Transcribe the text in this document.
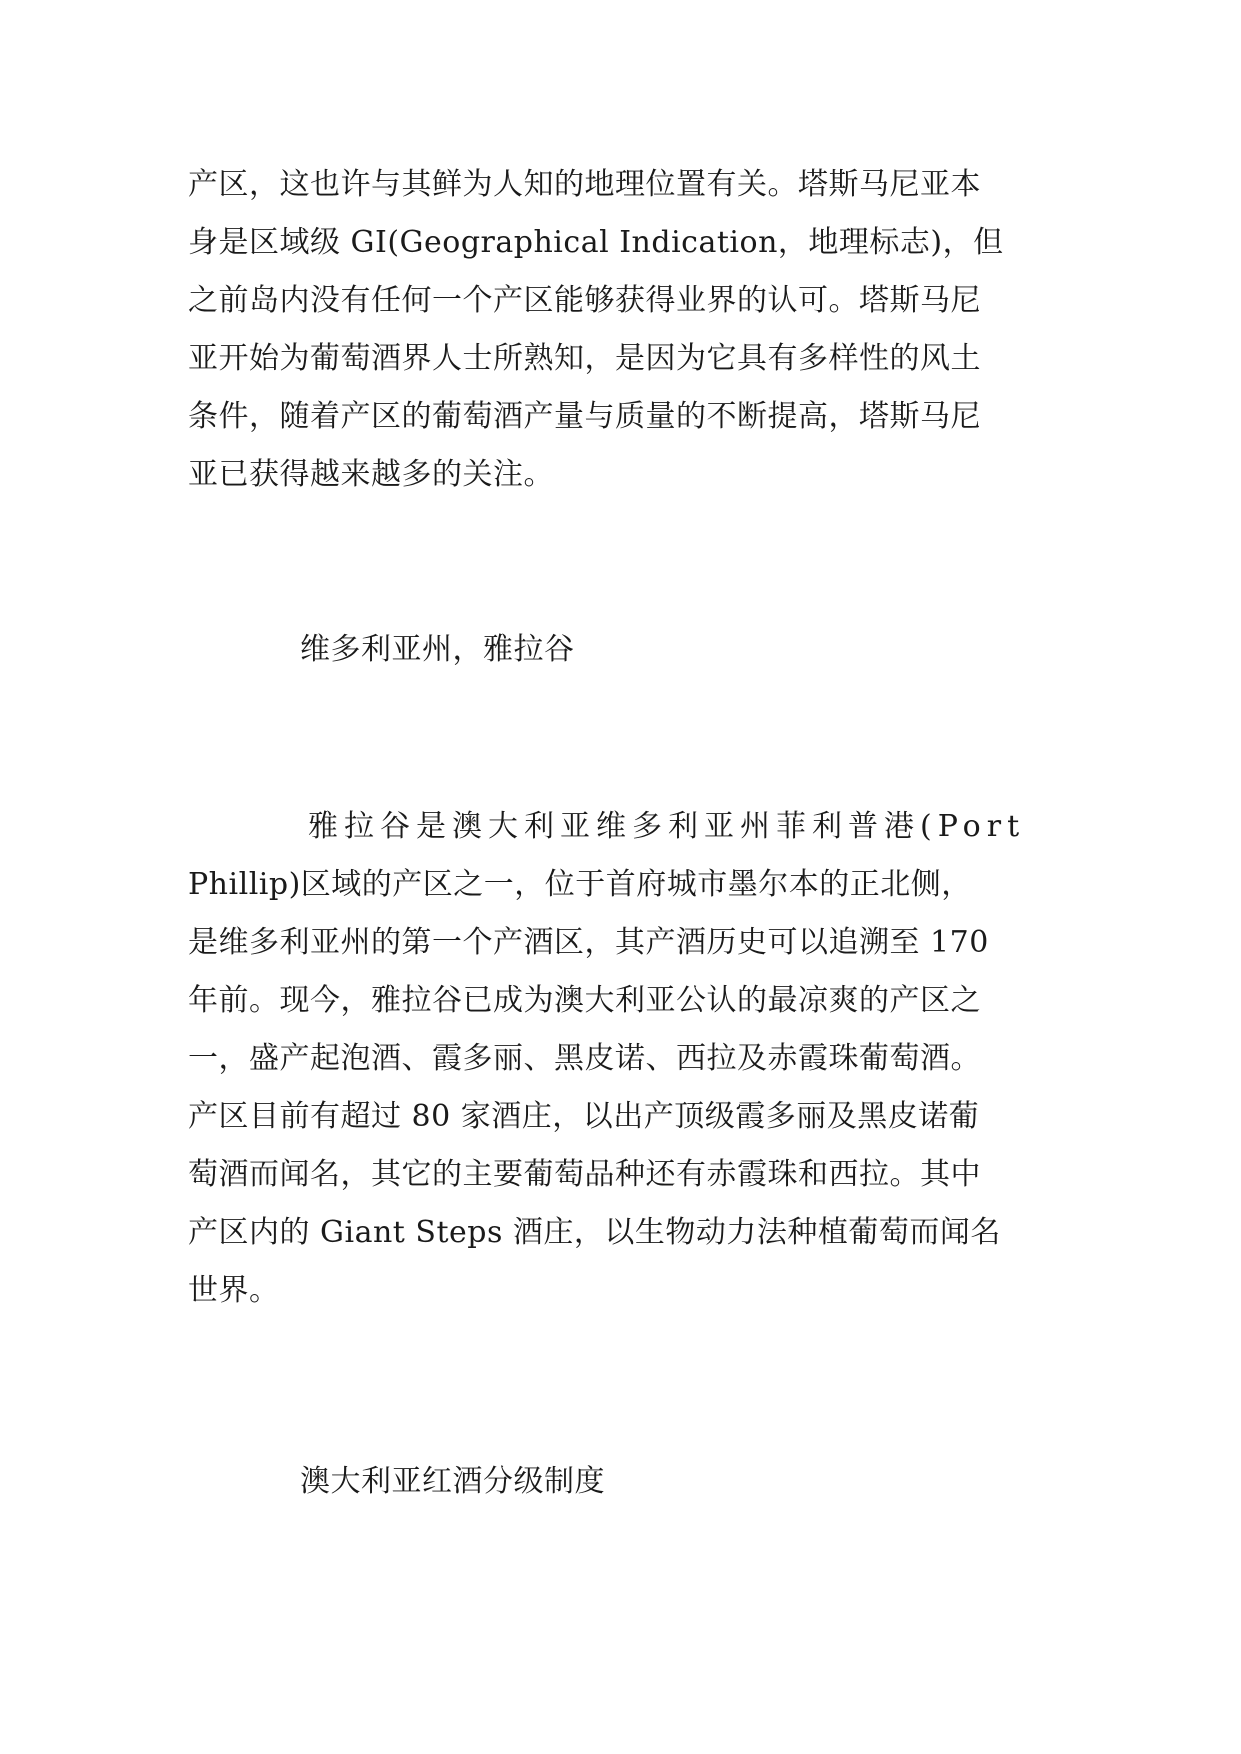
产区，这也许与其鲜为人知的地理位置有关。塔斯马尼亚本
身是区域级 GI(Geographical Indication，地理标志)，但
之前岛内没有任何一个产区能够获得业界的认可。塔斯马尼
亚开始为葡萄酒界人士所熟知，是因为它具有多样性的风土
条件，随着产区的葡萄酒产量与质量的不断提高，塔斯马尼
亚已获得越来越多的关注。
维多利亚州，雅拉谷
雅拉谷是澳大利亚维多利亚州菲利普港(Port
Phillip)区域的产区之一，位于首府城市墨尔本的正北侧，
是维多利亚州的第一个产酒区，其产酒历史可以追溯至 170
年前。现今，雅拉谷已成为澳大利亚公认的最凉爽的产区之
一，盛产起泡酒、霞多丽、黑皮诺、西拉及赤霞珠葡萄酒。
产区目前有超过 80 家酒庄，以出产顶级霞多丽及黑皮诺葡
萄酒而闻名，其它的主要葡萄品种还有赤霞珠和西拉。其中
产区内的 Giant Steps 酒庄，以生物动力法种植葡萄而闻名
世界。
澳大利亚红酒分级制度
